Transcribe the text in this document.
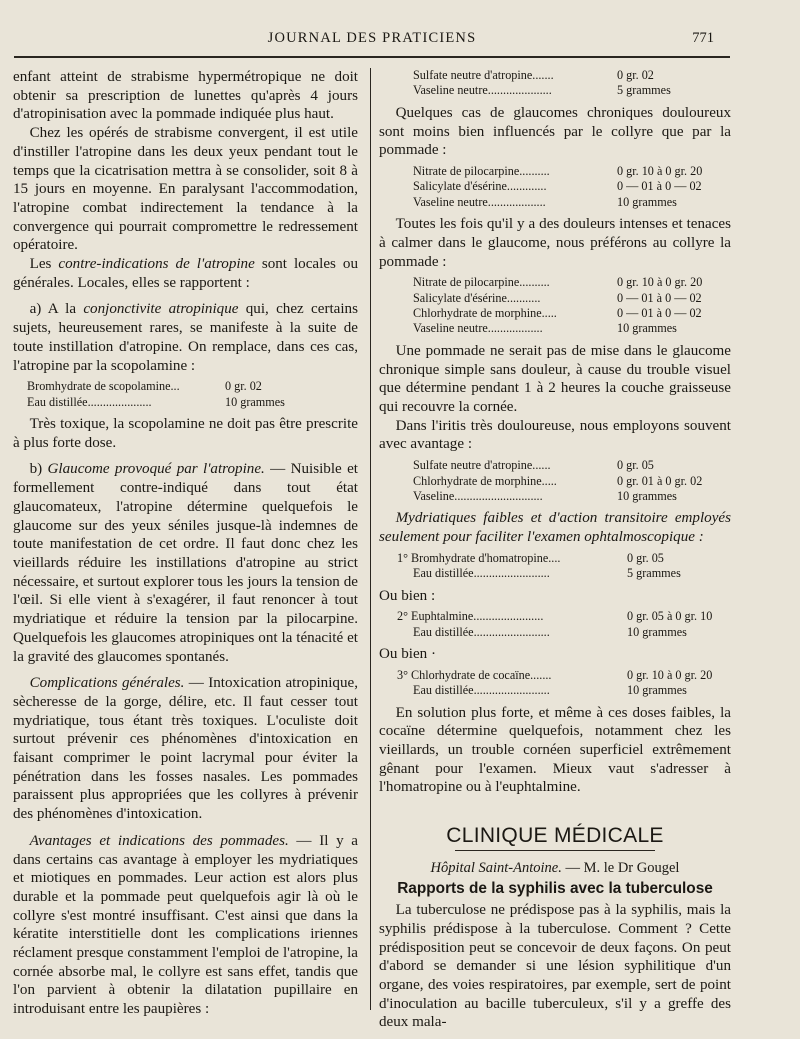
JOURNAL DES PRATICIENS	771

enfant atteint de strabisme hypermétropique ne doit obtenir sa prescription de lunettes qu'après 4 jours d'atropinisation avec la pommade indiquée plus haut.

Chez les opérés de strabisme convergent, il est utile d'instiller l'atropine dans les deux yeux pendant tout le temps que la cicatrisation mettra à se consolider, soit 8 à 15 jours en moyenne. En paralysant l'accommodation, l'atropine combat indirectement la tendance à la convergence qui pourrait compromettre le redressement opératoire.

Les contre-indications de l'atropine sont locales ou générales. Locales, elles se rapportent :

a) A la conjonctivite atropinique qui, chez certains sujets, heureusement rares, se manifeste à la suite de toute instillation d'atropine. On remplace, dans ces cas, l'atropine par la scopolamine :

Bromhydrate de scopolamine...	0 gr. 02
Eau distillée.....................	10 grammes

Très toxique, la scopolamine ne doit pas être prescrite à plus forte dose.

b) Glaucome provoqué par l'atropine. — Nuisible et formellement contre-indiqué dans tout état glaucomateux, l'atropine détermine quelquefois le glaucome sur des yeux séniles jusque-là indemnes de toute manifestation de cet ordre. Il faut donc chez les vieillards réduire les instillations d'atropine au strict nécessaire, et surtout explorer tous les jours la tension de l'œil. Si elle vient à s'exagérer, il faut renoncer à tout mydriatique et réduire la tension par la pilocarpine. Quelquefois les glaucomes atropiniques ont la ténacité et la gravité des glaucomes spontanés.

Complications générales. — Intoxication atropinique, sècheresse de la gorge, délire, etc. Il faut cesser tout mydriatique, tous étant très toxiques. L'oculiste doit surtout prévenir ces phénomènes d'intoxication en faisant comprimer le point lacrymal pour éviter la pénétration dans les fosses nasales. Les pommades paraissent plus appropriées que les collyres à prévenir des phénomènes d'intoxication.

Avantages et indications des pommades. — Il y a dans certains cas avantage à employer les mydriatiques et miotiques en pommades. Leur action est alors plus durable et la pommade peut quelquefois agir là où le collyre s'est montré insuffisant. C'est ainsi que dans la kératite interstitielle dont les complications iriennes réclament presque constamment l'emploi de l'atropine, la cornée absorbe mal, le collyre est sans effet, tandis que l'on parvient à obtenir la dilatation pupillaire en introduisant entre les paupières :

Sulfate neutre d'atropine.......	0 gr. 02
Vaseline neutre.....................	5 grammes

Quelques cas de glaucomes chroniques douloureux sont moins bien influencés par le collyre que par la pommade :

Nitrate de pilocarpine..........	0 gr. 10 à 0 gr. 20
Salicylate d'ésérine.............	0 — 01 à 0 — 02
Vaseline neutre...................	10 grammes

Toutes les fois qu'il y a des douleurs intenses et tenaces à calmer dans le glaucome, nous préférons au collyre la pommade :

Nitrate de pilocarpine..........	0 gr. 10 à 0 gr. 20
Salicylate d'ésérine...........	0 — 01 à 0 — 02
Chlorhydrate de morphine.....	0 — 01 à 0 — 02
Vaseline neutre..................	10 grammes

Une pommade ne serait pas de mise dans le glaucome chronique simple sans douleur, à cause du trouble visuel que détermine pendant 1 à 2 heures la couche graisseuse qui recouvre la cornée.

Dans l'iritis très douloureuse, nous employons souvent avec avantage :

Sulfate neutre d'atropine......	0 gr. 05
Chlorhydrate de morphine.....	0 gr. 01 à 0 gr. 02
Vaseline.............................	10 grammes

Mydriatiques faibles et d'action transitoire employés seulement pour faciliter l'examen ophtalmoscopique :

1° Bromhydrate d'homatropine....	0 gr. 05
Eau distillée.........................	5 grammes
Ou bien :
2° Euphtalmine.......................	0 gr. 05 à 0 gr. 10
Eau distillée.........................	10 grammes
Ou bien ·
3° Chlorhydrate de cocaïne.......	0 gr. 10 à 0 gr. 20
Eau distillée.........................	10 grammes

En solution plus forte, et même à ces doses faibles, la cocaïne détermine quelquefois, notamment chez les vieillards, un trouble cornéen superficiel extrêmement gênant pour l'examen. Mieux vaut s'adresser à l'homatropine ou à l'euphtalmine.

CLINIQUE MÉDICALE
Hôpital Saint-Antoine. — M. le Dr Gougel
Rapports de la syphilis avec la tuberculose

La tuberculose ne prédispose pas à la syphilis, mais la syphilis prédispose à la tuberculose. Comment ? Cette prédisposition peut se concevoir de deux façons. On peut d'abord se demander si une lésion syphilitique d'un organe, des voies respiratoires, par exemple, sert de point d'inoculation au bacille tuberculeux, s'il y a greffe des deux mala-
